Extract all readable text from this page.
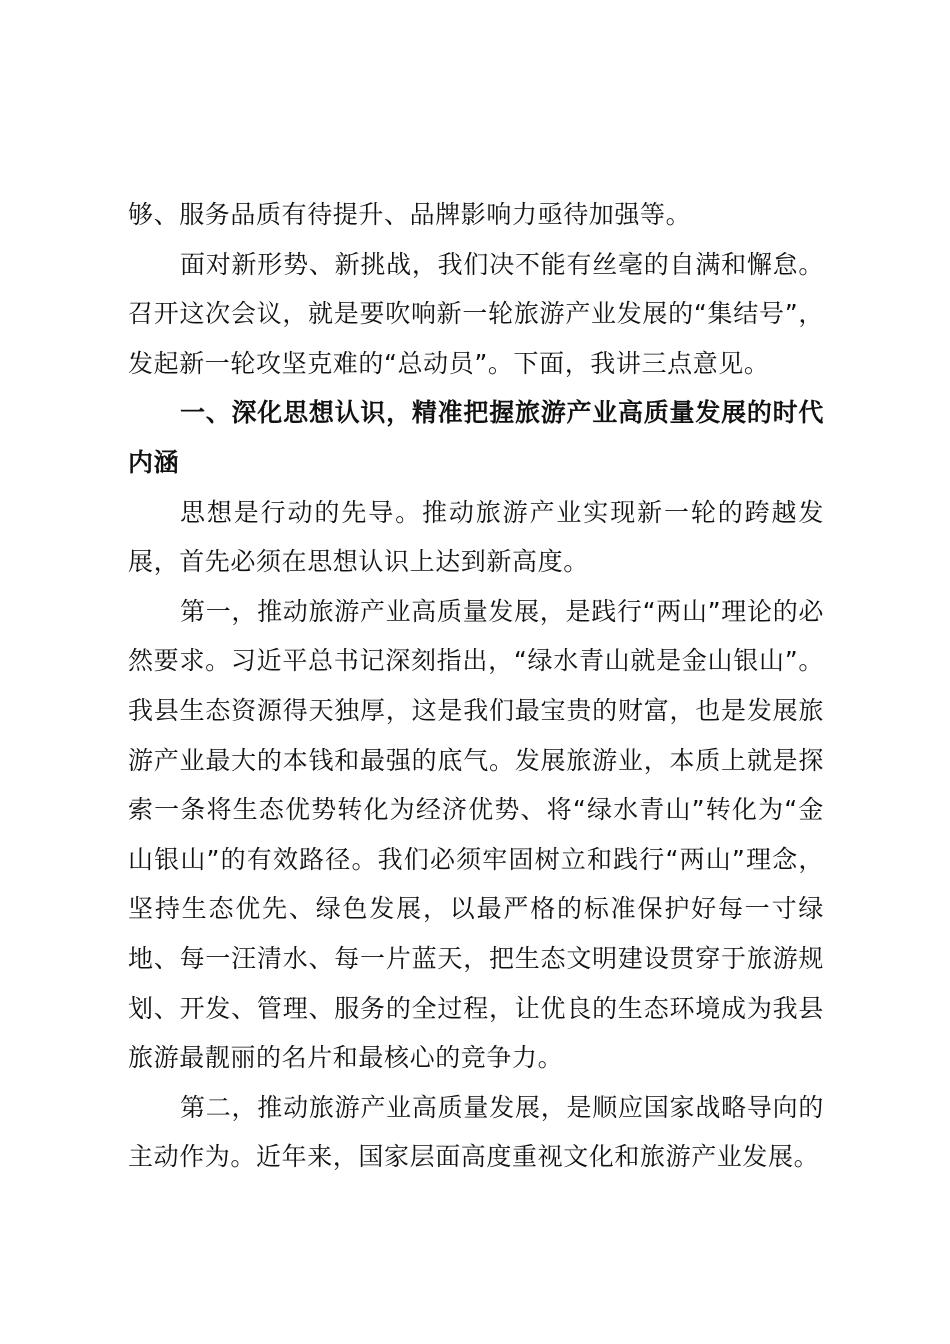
够、服务品质有待提升、品牌影响力亟待加强等。

面对新形势、新挑战，我们决不能有丝毫的自满和懈怠。召开这次会议，就是要吹响新一轮旅游产业发展的“集结号”，发起新一轮攻坚克难的“总动员”。下面，我讲三点意见。

一、深化思想认识，精准把握旅游产业高质量发展的时代内涵

思想是行动的先导。推动旅游产业实现新一轮的跨越发展，首先必须在思想认识上达到新高度。

第一，推动旅游产业高质量发展，是践行“两山”理论的必然要求。习近平总书记深刻指出，“绿水青山就是金山银山”。我县生态资源得天独厚，这是我们最宝贵的财富，也是发展旅游产业最大的本钱和最强的底气。发展旅游业，本质上就是探索一条将生态优势转化为经济优势、将“绿水青山”转化为“金山银山”的有效路径。我们必须牢固树立和践行“两山”理念，坚持生态优先、绿色发展，以最严格的标准保护好每一寸绿地、每一汪清水、每一片蓝天，把生态文明建设贯穿于旅游规划、开发、管理、服务的全过程，让优良的生态环境成为我县旅游最靓丽的名片和最核心的竞争力。

第二，推动旅游产业高质量发展，是顺应国家战略导向的主动作为。近年来，国家层面高度重视文化和旅游产业发展。
